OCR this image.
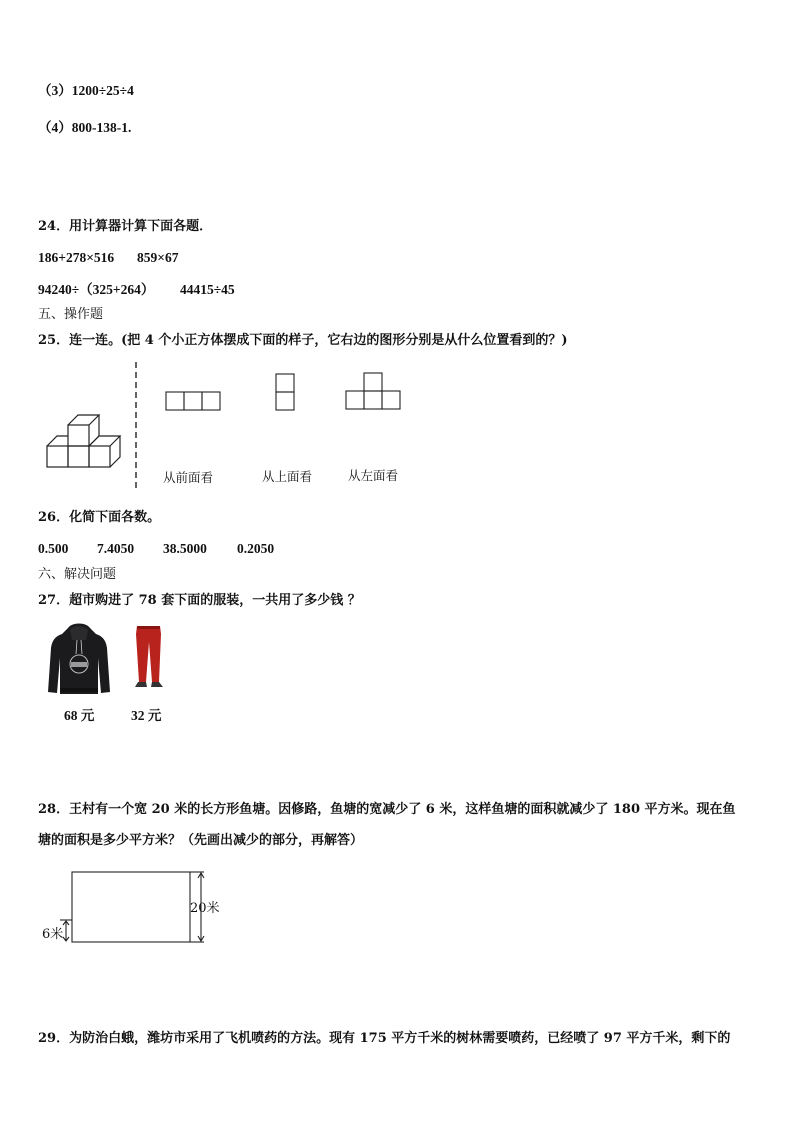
（3）1200÷25÷4
（4）800-138-1.
24．用计算器计算下面各题．
186+278×516 859×67
94240÷（325+264） 44415÷45
五、操作题
25．连一连。(把 4 个小正方体摆成下面的样子，它右边的图形分别是从什么位置看到的？)
从前面看	从上面看	从左面看
26．化简下面各数。
0.500 7.4050 38.5000 0.2050
六、解决问题
27．超市购进了 78 套下面的服装，一共用了多少钱 ？
68 元	32 元
28．王村有一个宽 20 米的长方形鱼塘。因修路，鱼塘的宽减少了 6 米，这样鱼塘的面积就减少了 180 平方米。现在鱼
塘的面积是多少平方米？（先画出减少的部分，再解答）
20米
6米
29．为防治白蛾，潍坊市采用了飞机喷药的方法。现有 175 平方千米的树林需要喷药，已经喷了 97 平方千米，剩下的
